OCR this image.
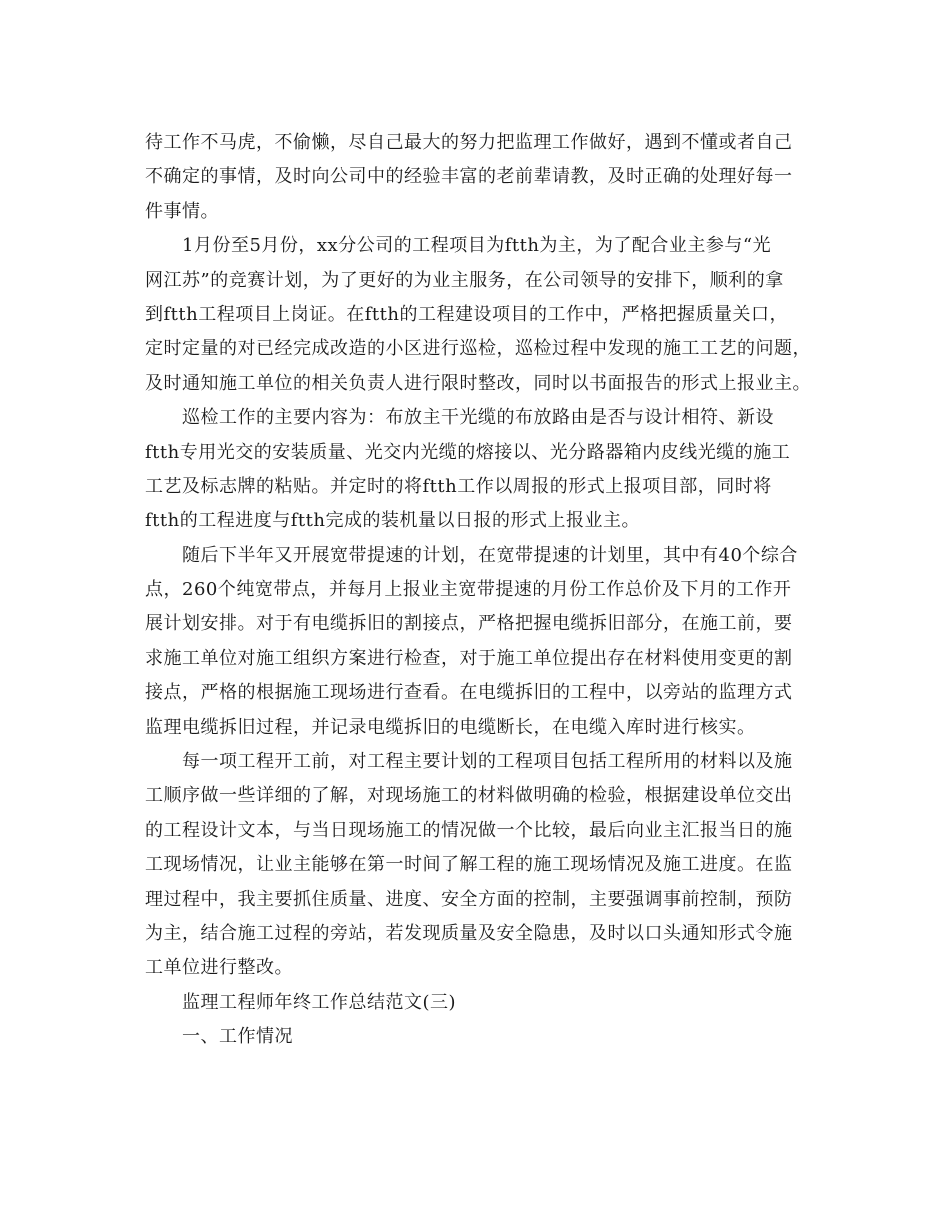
待工作不马虎，不偷懒，尽自己最大的努力把监理工作做好，遇到不懂或者自己
不确定的事情，及时向公司中的经验丰富的老前辈请教，及时正确的处理好每一
件事情。
1月份至5月份，xx分公司的工程项目为ftth为主，为了配合业主参与“光
网江苏”的竞赛计划，为了更好的为业主服务，在公司领导的安排下，顺利的拿
到ftth工程项目上岗证。在ftth的工程建设项目的工作中，严格把握质量关口，
定时定量的对已经完成改造的小区进行巡检，巡检过程中发现的施工工艺的问题，
及时通知施工单位的相关负责人进行限时整改，同时以书面报告的形式上报业主。
巡检工作的主要内容为：布放主干光缆的布放路由是否与设计相符、新设
ftth专用光交的安装质量、光交内光缆的熔接以、光分路器箱内皮线光缆的施工
工艺及标志牌的粘贴。并定时的将ftth工作以周报的形式上报项目部，同时将
ftth的工程进度与ftth完成的装机量以日报的形式上报业主。
随后下半年又开展宽带提速的计划，在宽带提速的计划里，其中有40个综合
点，260个纯宽带点，并每月上报业主宽带提速的月份工作总价及下月的工作开
展计划安排。对于有电缆拆旧的割接点，严格把握电缆拆旧部分，在施工前，要
求施工单位对施工组织方案进行检查，对于施工单位提出存在材料使用变更的割
接点，严格的根据施工现场进行查看。在电缆拆旧的工程中，以旁站的监理方式
监理电缆拆旧过程，并记录电缆拆旧的电缆断长，在电缆入库时进行核实。
每一项工程开工前，对工程主要计划的工程项目包括工程所用的材料以及施
工顺序做一些详细的了解，对现场施工的材料做明确的检验，根据建设单位交出
的工程设计文本，与当日现场施工的情况做一个比较，最后向业主汇报当日的施
工现场情况，让业主能够在第一时间了解工程的施工现场情况及施工进度。在监
理过程中，我主要抓住质量、进度、安全方面的控制，主要强调事前控制，预防
为主，结合施工过程的旁站，若发现质量及安全隐患，及时以口头通知形式令施
工单位进行整改。
监理工程师年终工作总结范文(三)
一、工作情况
